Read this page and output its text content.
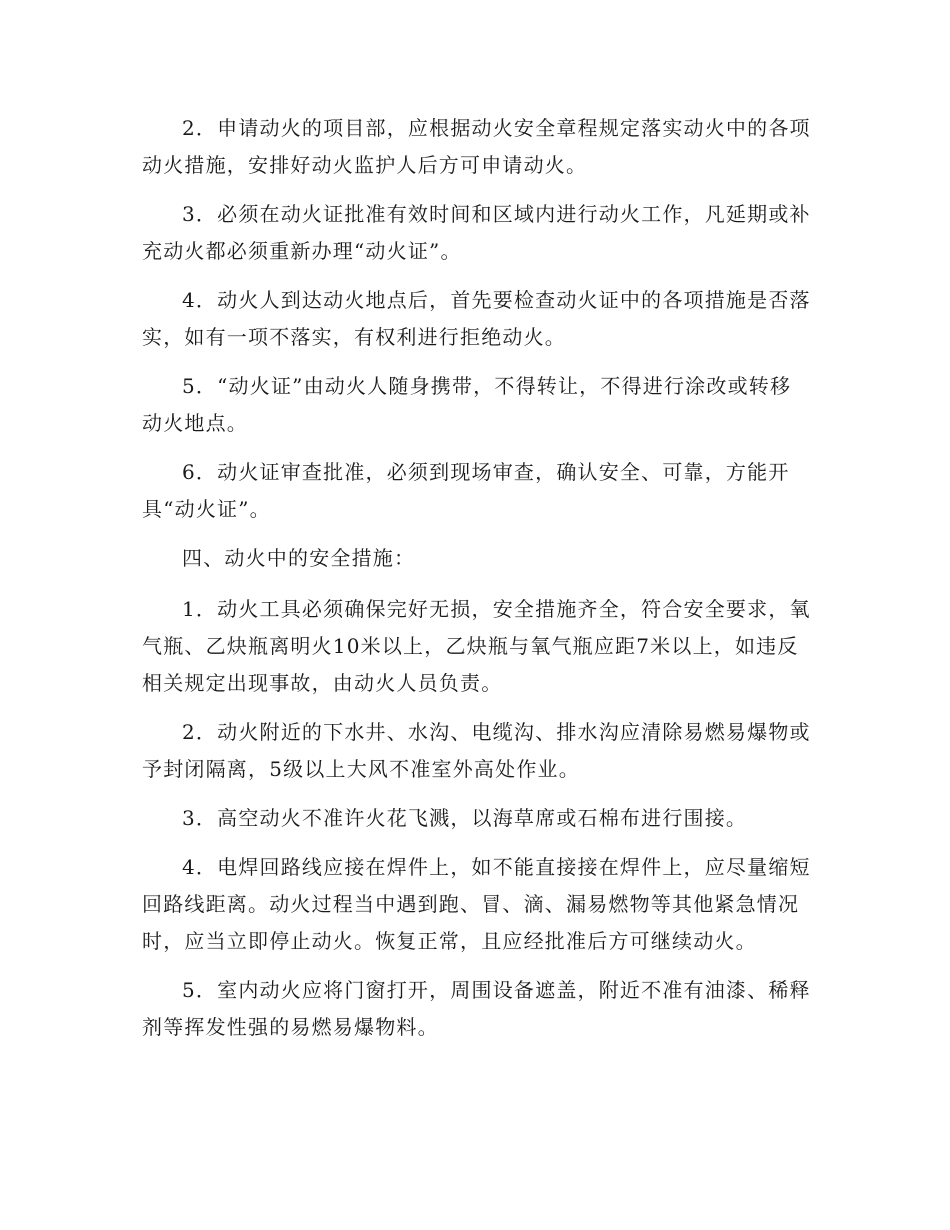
2．申请动火的项目部，应根据动火安全章程规定落实动火中的各项动火措施，安排好动火监护人后方可申请动火。

3．必须在动火证批准有效时间和区域内进行动火工作，凡延期或补充动火都必须重新办理“动火证”。

4．动火人到达动火地点后，首先要检查动火证中的各项措施是否落实，如有一项不落实，有权利进行拒绝动火。

5．“动火证”由动火人随身携带，不得转让，不得进行涂改或转移动火地点。

6．动火证审查批准，必须到现场审查，确认安全、可靠，方能开具“动火证”。

四、动火中的安全措施：

1．动火工具必须确保完好无损，安全措施齐全，符合安全要求，氧气瓶、乙炔瓶离明火10米以上，乙炔瓶与氧气瓶应距7米以上，如违反相关规定出现事故，由动火人员负责。

2．动火附近的下水井、水沟、电缆沟、排水沟应清除易燃易爆物或予封闭隔离，5级以上大风不准室外高处作业。

3．高空动火不准许火花飞溅，以海草席或石棉布进行围接。

4．电焊回路线应接在焊件上，如不能直接接在焊件上，应尽量缩短回路线距离。动火过程当中遇到跑、冒、滴、漏易燃物等其他紧急情况时，应当立即停止动火。恢复正常，且应经批准后方可继续动火。

5．室内动火应将门窗打开，周围设备遮盖，附近不准有油漆、稀释剂等挥发性强的易燃易爆物料。
